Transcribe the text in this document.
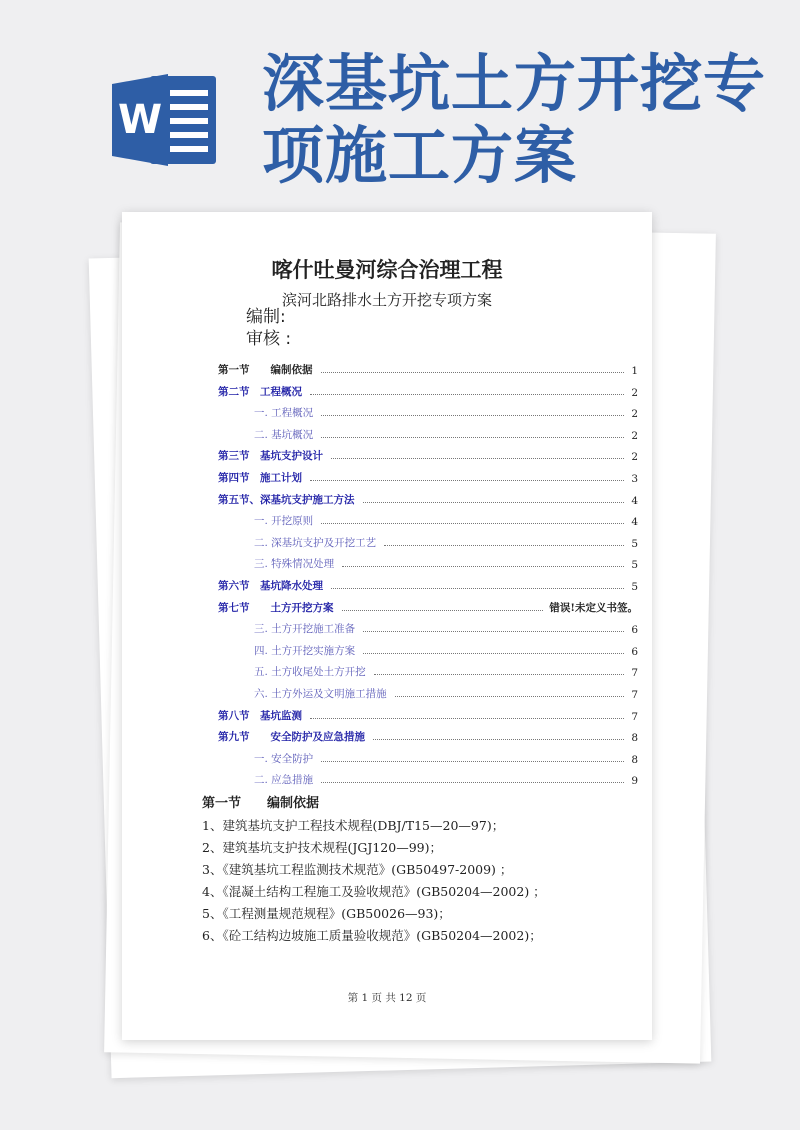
W 深基坑土方开挖专
项施工方案
喀什吐曼河综合治理工程
滨河北路排水土方开挖专项方案
编制:
审核 :
第一节　　编制依据	1
第二节　工程概况	2
一. 工程概况	2
二. 基坑概况	2
第三节　基坑支护设计	2
第四节　施工计划	3
第五节、深基坑支护施工方法	4
一. 开挖原则	4
二. 深基坑支护及开挖工艺	5
三. 特殊情况处理	5
第六节　基坑降水处理	5
第七节　　土方开挖方案	错误!未定义书签。
三. 土方开挖施工准备	6
四. 土方开挖实施方案	6
五. 土方收尾处土方开挖	7
六. 土方外运及文明施工措施	7
第八节　基坑监测	7
第九节　　安全防护及应急措施	8
一. 安全防护	8
二. 应急措施	9
第一节　　编制依据
1、建筑基坑支护工程技术规程(DBJ/T15—20—97)；
2、建筑基坑支护技术规程(JGJ120—99)；
3、《建筑基坑工程监测技术规范》(GB50497-2009) ；
4、《混凝土结构工程施工及验收规范》(GB50204—2002) ；
5、《工程测量规范规程》(GB50026—93)；
6、《砼工结构边坡施工质量验收规范》(GB50204—2002)；
第 1 页 共 12 页
